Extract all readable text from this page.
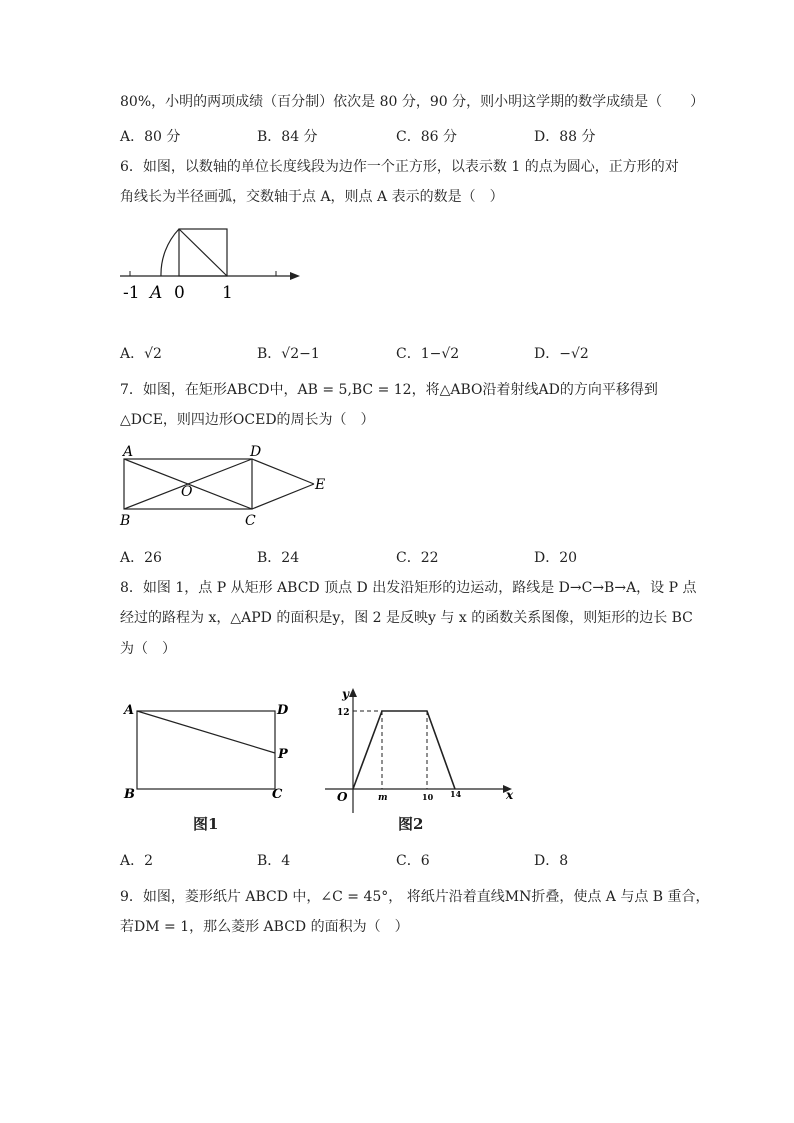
80%，小明的两项成绩（百分制）依次是 80 分，90 分，则小明这学期的数学成绩是（　　）
A．80 分	B．84 分	C．86 分	D．88 分
6．如图，以数轴的单位长度线段为边作一个正方形，以表示数 1 的点为圆心，正方形的对
角线长为半径画弧，交数轴于点 A，则点 A 表示的数是（　）
-1 A 0 1
A．√2	B．√2−1	C．1−√2	D．−√2
7．如图，在矩形ABCD中，AB = 5,BC = 12，将△ABO沿着射线AD的方向平移得到
△DCE，则四边形OCED的周长为（　）
A	D
O	E
B	C
A．26	B．24	C．22	D．20
8．如图 1，点 P 从矩形 ABCD 顶点 D 出发沿矩形的边运动，路线是 D→C→B→A，设 P 点
经过的路程为 x，△APD 的面积是y，图 2 是反映y 与 x 的函数关系图像，则矩形的边长 BC
为（　）
A	D
P
B	C
图1
y
12
O	m	10 14	x
图2
A．2	B．4	C．6	D．8
9．如图，菱形纸片 ABCD 中，∠C = 45°， 将纸片沿着直线MN折叠，使点 A 与点 B 重合，
若DM = 1，那么菱形 ABCD 的面积为（　）
